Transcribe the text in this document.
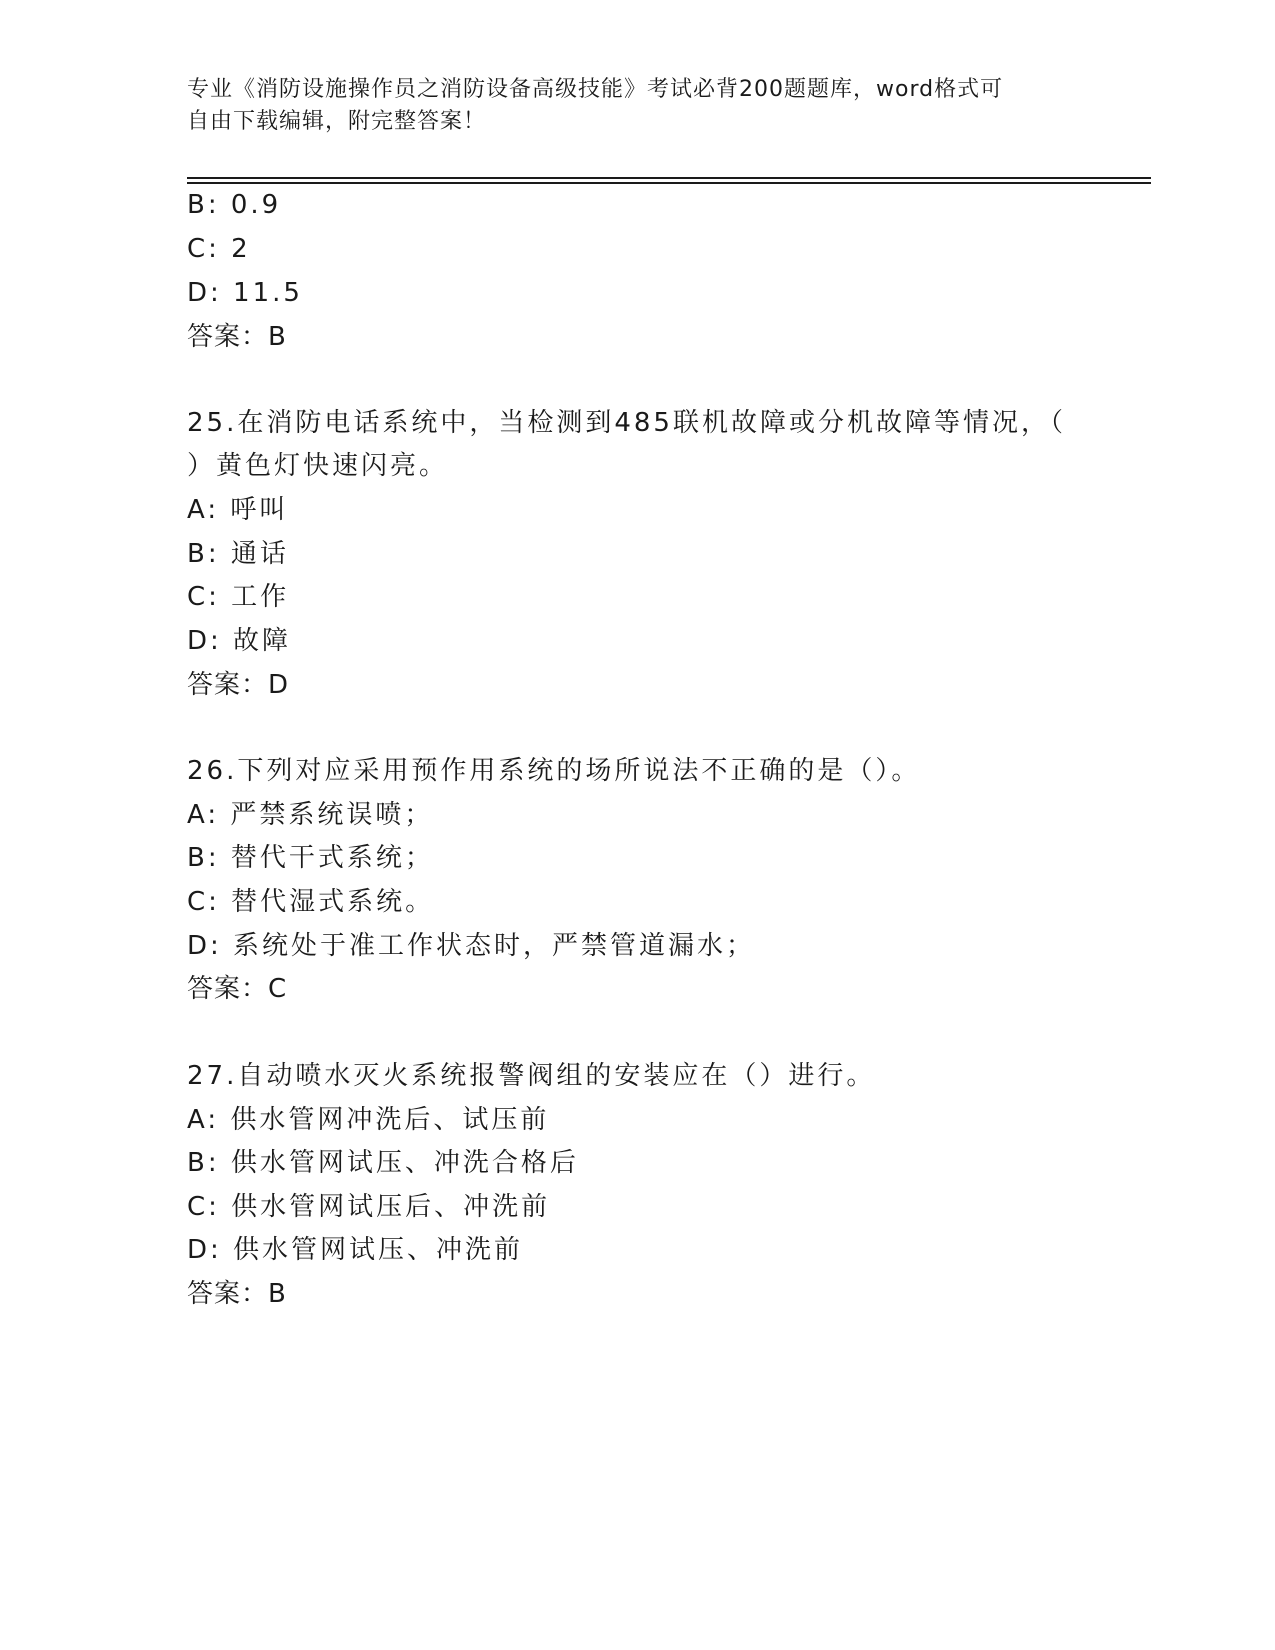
专业《消防设施操作员之消防设备高级技能》考试必背200题题库，word格式可
自由下载编辑，附完整答案！
B: 0.9
C: 2
D: 11.5
答案：B
25.在消防电话系统中，当检测到485联机故障或分机故障等情况，（
）黄色灯快速闪亮。
A: 呼叫
B: 通话
C: 工作
D: 故障
答案：D
26.下列对应采用预作用系统的场所说法不正确的是（）。
A: 严禁系统误喷；
B: 替代干式系统；
C: 替代湿式系统。
D: 系统处于准工作状态时，严禁管道漏水；
答案：C
27.自动喷水灭火系统报警阀组的安装应在（）进行。
A: 供水管网冲洗后、试压前
B: 供水管网试压、冲洗合格后
C: 供水管网试压后、冲洗前
D: 供水管网试压、冲洗前
答案：B
